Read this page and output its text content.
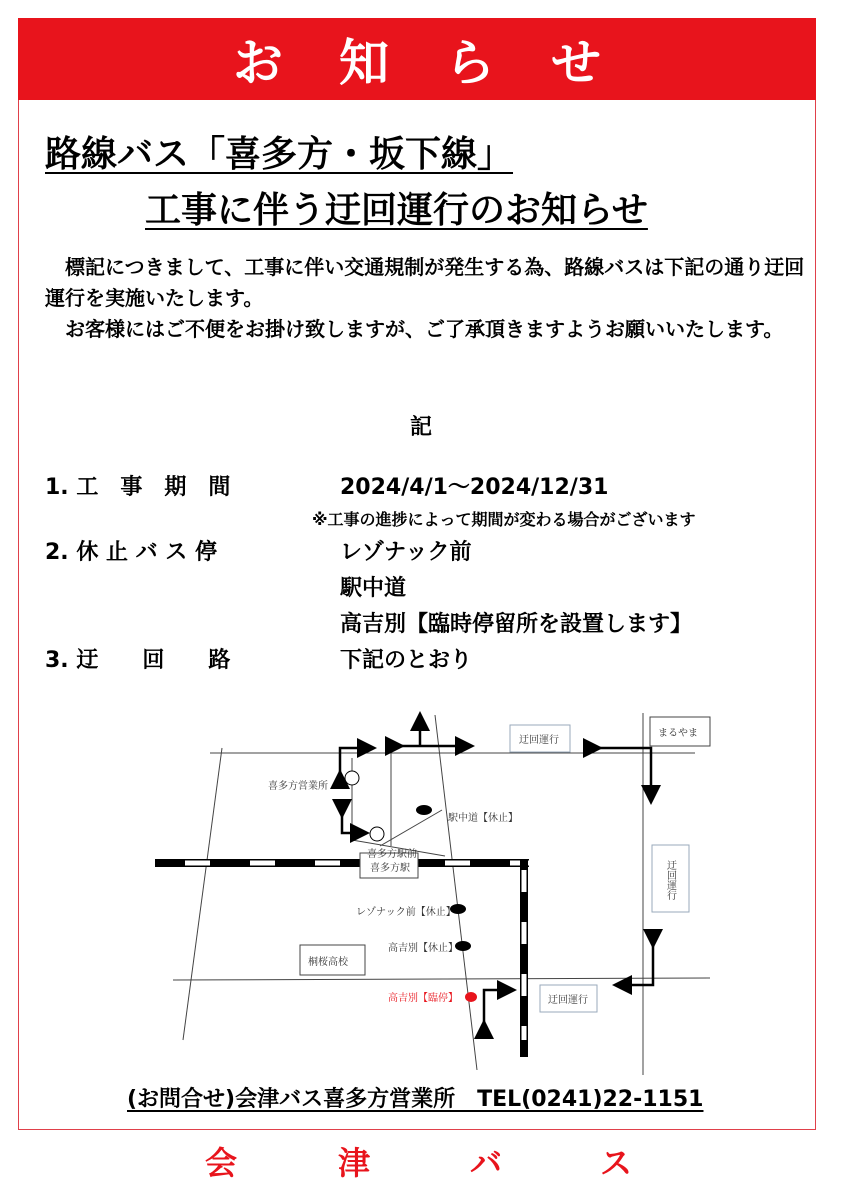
お 知 ら せ
路線バス「喜多方・坂下線」
工事に伴う迂回運行のお知らせ
　標記につきまして、工事に伴い交通規制が発生する為、路線バスは下記の通り迂回運行を実施いたします。
　お客様にはご不便をお掛け致しますが、ご了承頂きますようお願いいたします。
記
1. 工　事　期　間	2024/4/1～2024/12/31
※工事の進捗によって期間が変わる場合がございます
2. 休 止 バ ス 停	レゾナック前
駅中道
高吉別【臨時停留所を設置します】
3. 迂　　回　　路	下記のとおり
喜多方営業所
喜多方駅前
駅中道【休止】
喜多方駅
レゾナック前【休止】
高吉別【休止】
高吉別【臨停】
桐桜高校
まるやま
迂回運行
迂回運行
迂回運行
(お問合せ)会津バス喜多方営業所　TEL(0241)22-1151
会	津	バ	ス
